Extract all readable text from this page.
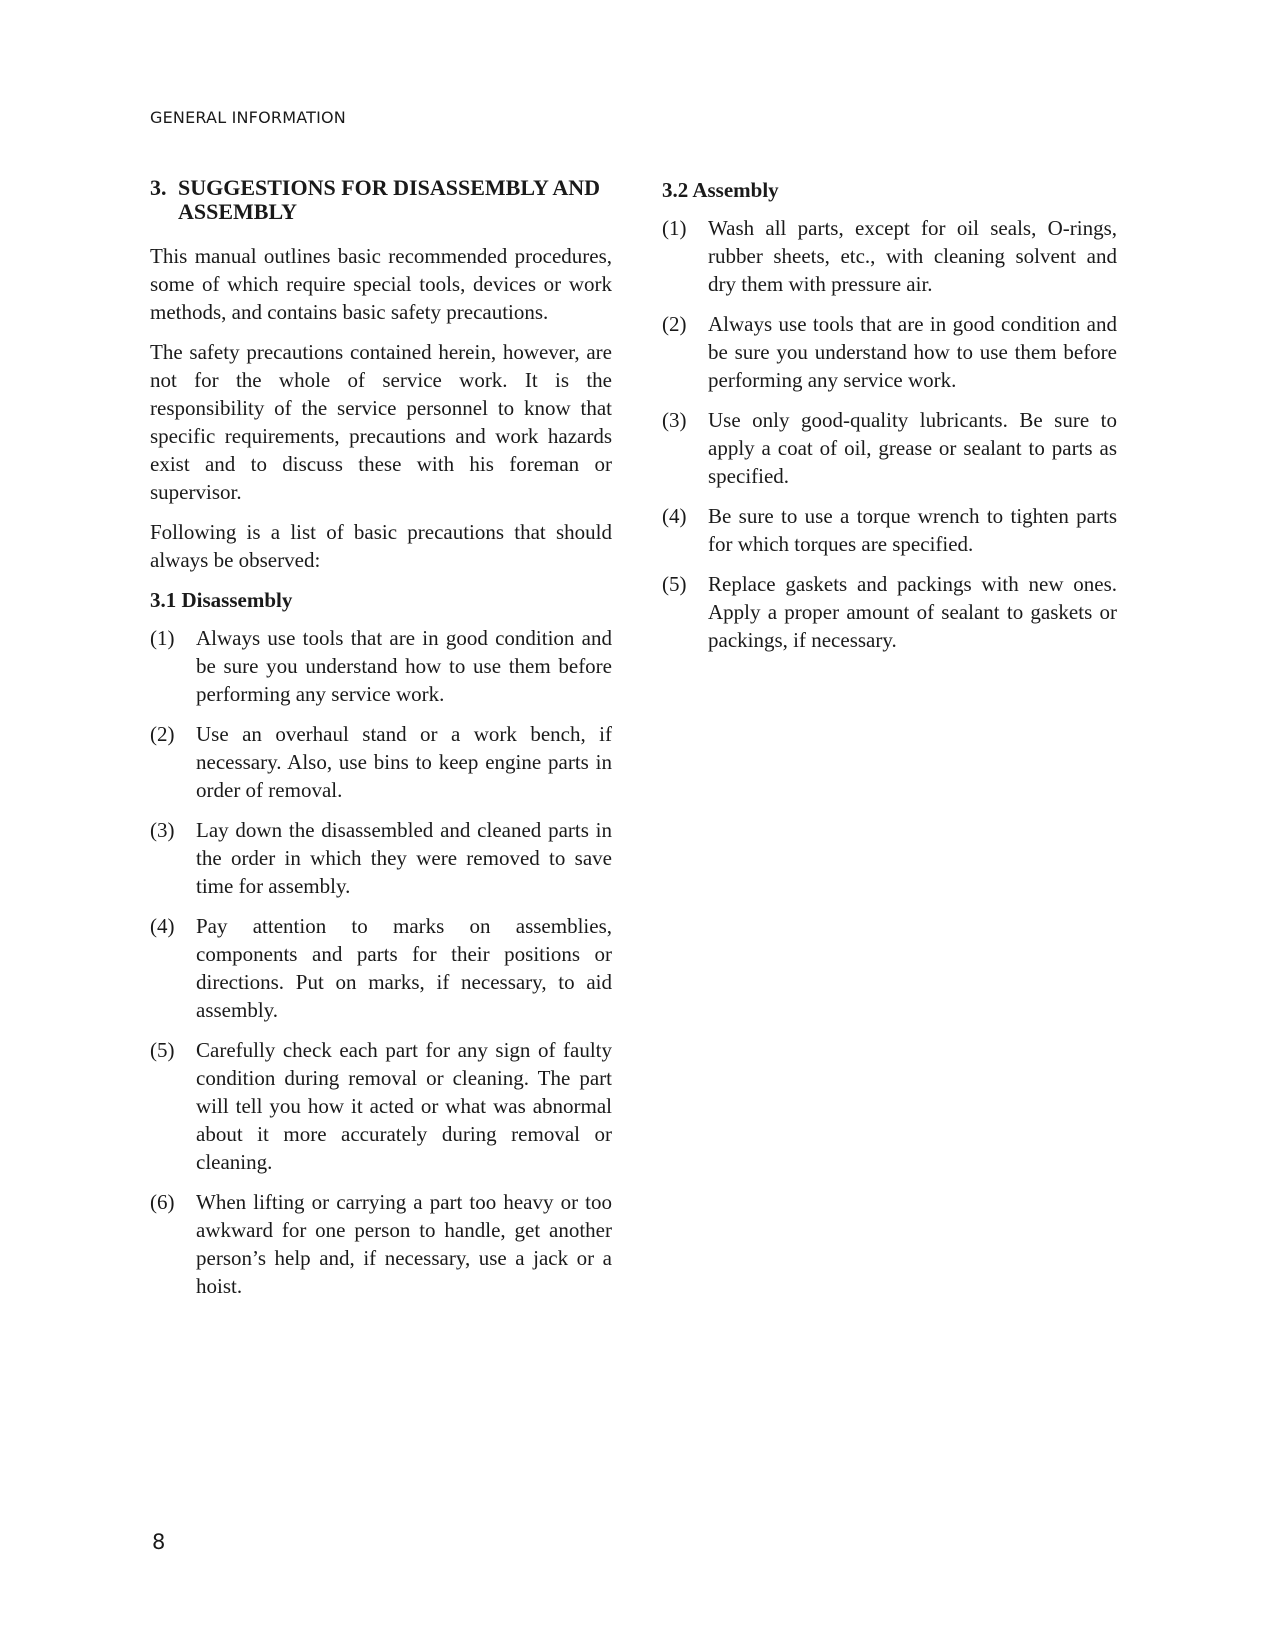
GENERAL INFORMATION
3. SUGGESTIONS FOR DISASSEMBLY AND ASSEMBLY

This manual outlines basic recommended procedures, some of which require special tools, devices or work methods, and contains basic safety precautions.

The safety precautions contained herein, however, are not for the whole of service work. It is the responsibility of the service personnel to know that specific requirements, precautions and work hazards exist and to discuss these with his foreman or supervisor.

Following is a list of basic precautions that should always be observed:

3.1 Disassembly
(1)	Always use tools that are in good condition and be sure you understand how to use them before performing any service work.
(2)	Use an overhaul stand or a work bench, if necessary. Also, use bins to keep engine parts in order of removal.
(3)	Lay down the disassembled and cleaned parts in the order in which they were removed to save time for assembly.
(4)	Pay attention to marks on assemblies, components and parts for their positions or directions. Put on marks, if necessary, to aid assembly.
(5)	Carefully check each part for any sign of faulty condition during removal or cleaning. The part will tell you how it acted or what was abnormal about it more accurately during removal or cleaning.
(6)	When lifting or carrying a part too heavy or too awkward for one person to handle, get another person’s help and, if necessary, use a jack or a hoist.
3.2 Assembly
(1)	Wash all parts, except for oil seals, O-rings, rubber sheets, etc., with cleaning solvent and dry them with pressure air.
(2)	Always use tools that are in good condition and be sure you understand how to use them before performing any service work.
(3)	Use only good-quality lubricants. Be sure to apply a coat of oil, grease or sealant to parts as specified.
(4)	Be sure to use a torque wrench to tighten parts for which torques are specified.
(5)	Replace gaskets and packings with new ones. Apply a proper amount of sealant to gaskets or packings, if necessary.
8
